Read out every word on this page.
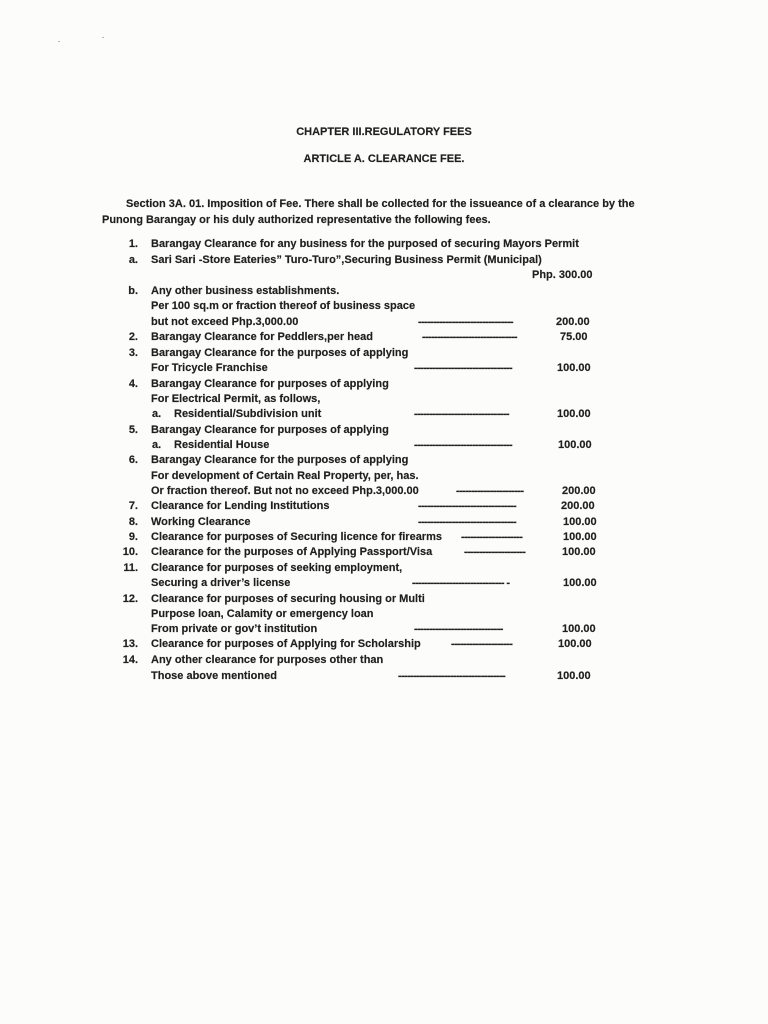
CHAPTER III.REGULATORY FEES
ARTICLE A. CLEARANCE FEE.
Section 3A. 01. Imposition of Fee. There shall be collected for the issueance of a clearance by the
Punong Barangay or his duly authorized representative the following fees.
1. Barangay Clearance for any business for the purposed of securing Mayors Permit
a. Sari Sari -Store Eateries” Turo-Turo”,Securing Business Permit (Municipal)
Php. 300.00
b. Any other business establishments.
Per 100 sq.m or fraction thereof of business space
but not exceed Php.3,000.00	-------------------------------	200.00
2. Barangay Clearance for Peddlers,per head	-------------------------------	75.00
3. Barangay Clearance for the purposes of applying
For Tricycle Franchise	--------------------------------	100.00
4. Barangay Clearance for purposes of applying
For Electrical Permit, as follows,
a. Residential/Subdivision unit	-------------------------------	100.00
5. Barangay Clearance for purposes of applying
a. Residential House	--------------------------------	100.00
6. Barangay Clearance for the purposes of applying
For development of Certain Real Property, per, has.
Or fraction thereof. But not no exceed Php.3,000.00	----------------------	200.00
7. Clearance for Lending Institutions	--------------------------------	200.00
8. Working Clearance	--------------------------------	100.00
9. Clearance for purposes of Securing licence for firearms --------------------	100.00
10. Clearance for the purposes of Applying Passport/Visa	--------------------	100.00
11. Clearance for purposes of seeking employment,
Securing a driver’s license	------------------------------ -	100.00
12. Clearance for purposes of securing housing or Multi
Purpose loan, Calamity or emergency loan
From private or gov’t institution	-----------------------------	100.00
13. Clearance for purposes of Applying for Scholarship	--------------------	100.00
14. Any other clearance for purposes other than
Those above mentioned	-----------------------------------	100.00
